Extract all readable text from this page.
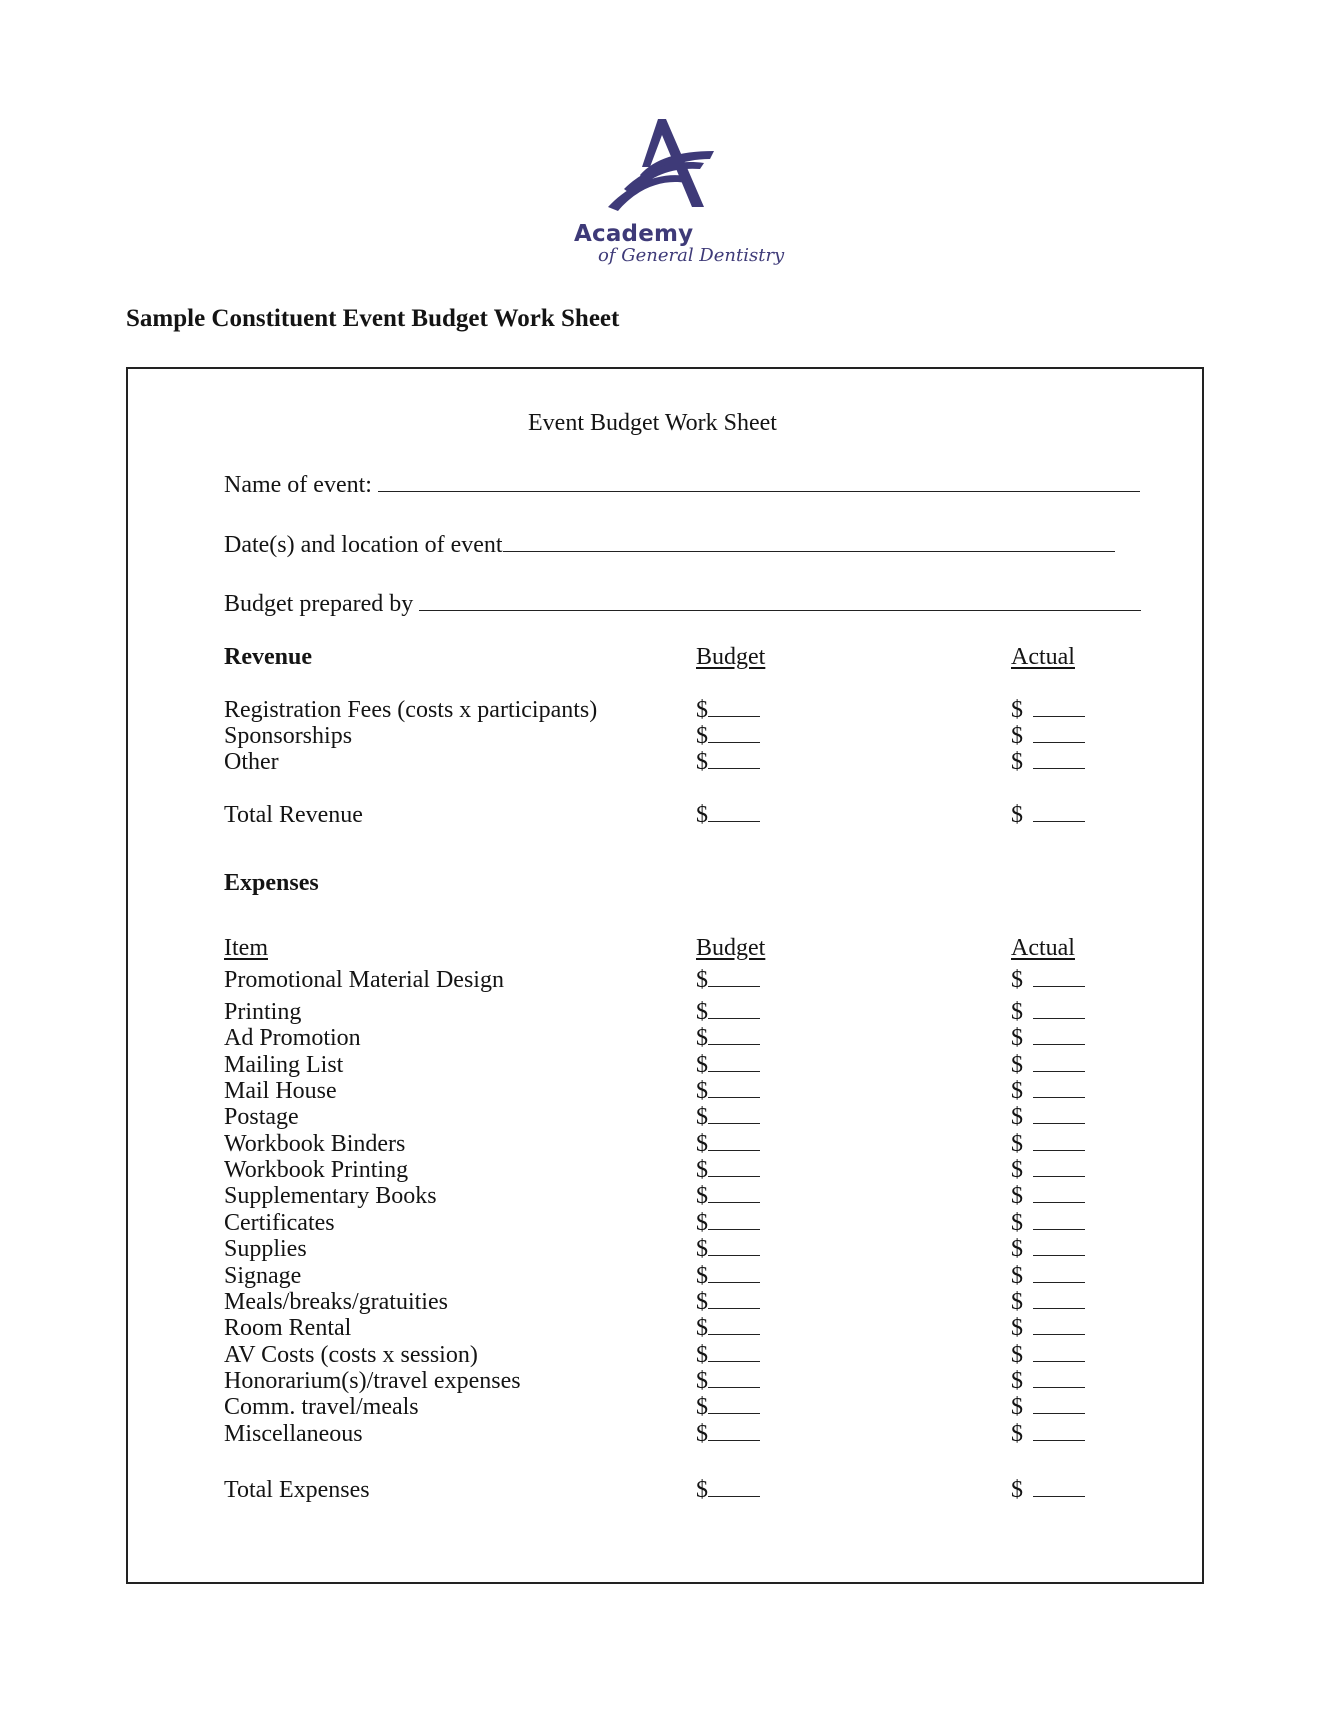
Academy
of General Dentistry
Sample Constituent Event Budget Work Sheet
Event Budget Work Sheet
Name of event:
Date(s) and location of event
Budget prepared by
Revenue	Budget	Actual
Registration Fees (costs x participants)	$	$
Sponsorships	$	$
Other	$	$
Total Revenue	$	$
Expenses
Item	Budget	Actual
Promotional Material Design	$	$
Printing	$	$
Ad Promotion	$	$
Mailing List	$	$
Mail House	$	$
Postage	$	$
Workbook Binders	$	$
Workbook Printing	$	$
Supplementary Books	$	$
Certificates	$	$
Supplies	$	$
Signage	$	$
Meals/breaks/gratuities	$	$
Room Rental	$	$
AV Costs (costs x session)	$	$
Honorarium(s)/travel expenses	$	$
Comm. travel/meals	$	$
Miscellaneous	$	$
Total Expenses	$	$
